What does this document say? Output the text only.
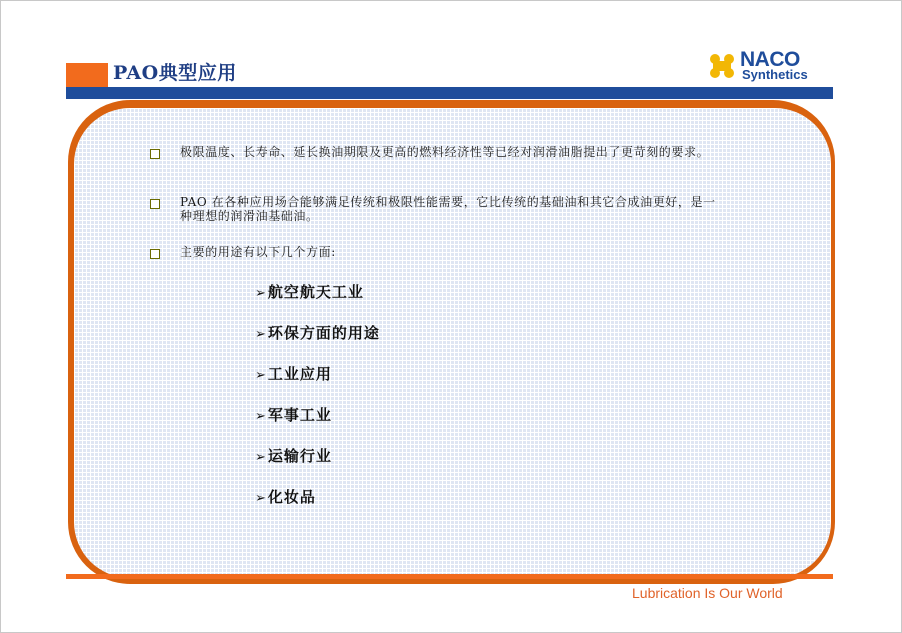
PAO典型应用
NACO
Synthetics
极限温度、长寿命、延长换油期限及更高的燃料经济性等已经对润滑油脂提出了更苛刻的要求。
PAO 在各种应用场合能够满足传统和极限性能需要，它比传统的基础油和其它合成油更好，是一种理想的润滑油基础油。
主要的用途有以下几个方面:
➢航空航天工业
➢环保方面的用途
➢工业应用
➢军事工业
➢运输行业
➢化妆品
Lubrication Is Our World
